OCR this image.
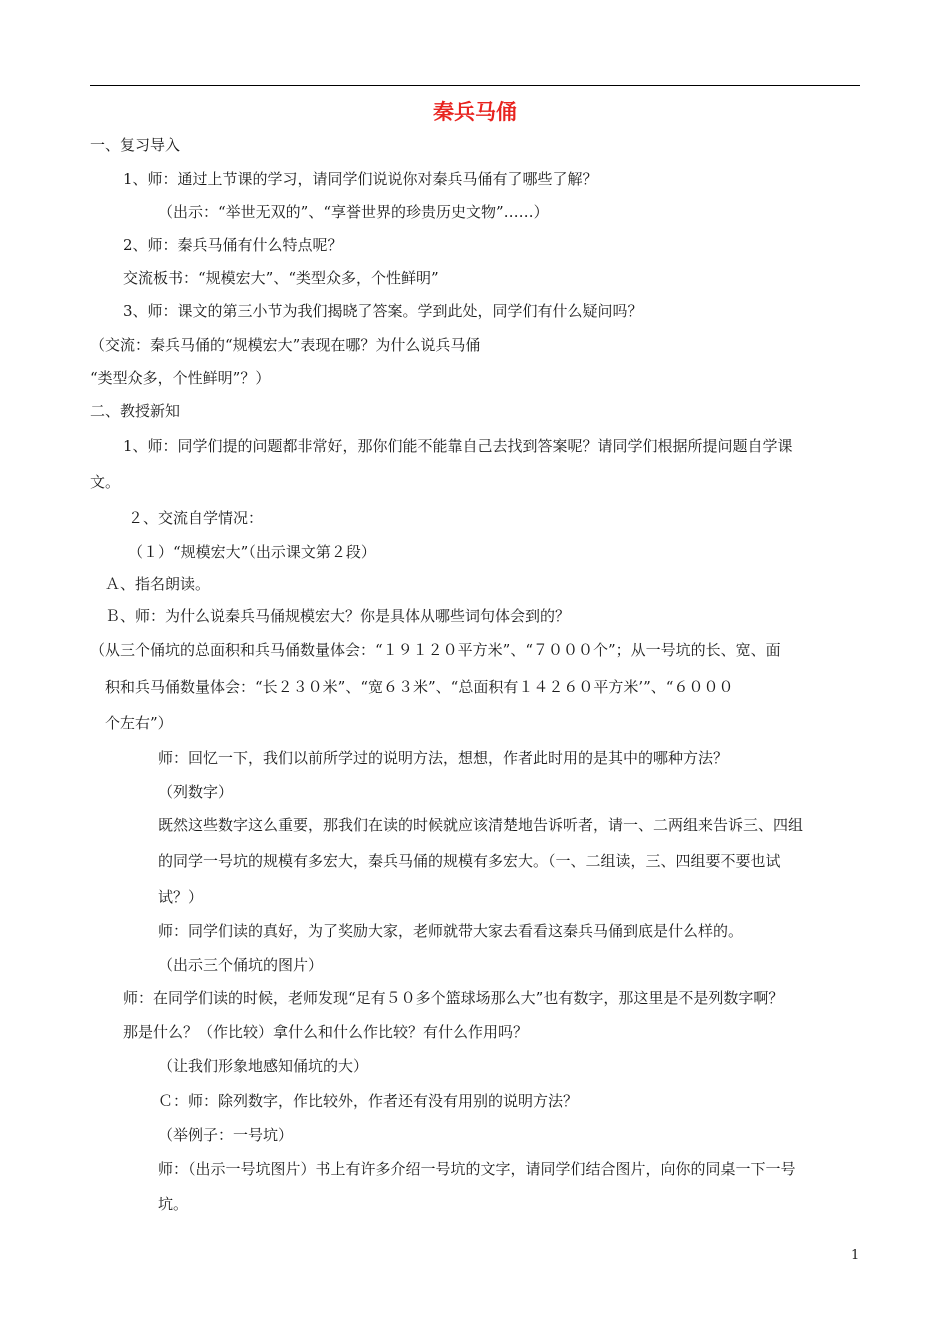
秦兵马俑
一、复习导入
1、师：通过上节课的学习，请同学们说说你对秦兵马俑有了哪些了解？
（出示：“举世无双的”、“享誉世界的珍贵历史文物”……）
2、师：秦兵马俑有什么特点呢？
交流板书：“规模宏大”、“类型众多，个性鲜明”
3、师：课文的第三小节为我们揭晓了答案。学到此处，同学们有什么疑问吗？
（交流：秦兵马俑的“规模宏大”表现在哪？为什么说兵马俑
“类型众多，个性鲜明”？）
二、教授新知
1、师：同学们提的问题都非常好，那你们能不能靠自己去找到答案呢？请同学们根据所提问题自学课
文。
２、交流自学情况：
（１）“规模宏大”（出示课文第２段）
Ａ、指名朗读。
Ｂ、师：为什么说秦兵马俑规模宏大？你是具体从哪些词句体会到的？
（从三个俑坑的总面积和兵马俑数量体会：“１９１２０平方米”、“７０００个”；从一号坑的长、宽、面
积和兵马俑数量体会：“长２３０米”、“宽６３米”、“总面积有１４２６０平方米’”、“６０００
个左右”）
师：回忆一下，我们以前所学过的说明方法，想想，作者此时用的是其中的哪种方法？
（列数字）
既然这些数字这么重要，那我们在读的时候就应该清楚地告诉听者，请一、二两组来告诉三、四组
的同学一号坑的规模有多宏大，秦兵马俑的规模有多宏大。（一、二组读，三、四组要不要也试
试？）
师：同学们读的真好，为了奖励大家，老师就带大家去看看这秦兵马俑到底是什么样的。
（出示三个俑坑的图片）
师：在同学们读的时候，老师发现“足有５０多个篮球场那么大”也有数字，那这里是不是列数字啊？
那是什么？（作比较）拿什么和什么作比较？有什么作用吗？
（让我们形象地感知俑坑的大）
Ｃ：师：除列数字，作比较外，作者还有没有用别的说明方法？
（举例子：一号坑）
师：（出示一号坑图片）书上有许多介绍一号坑的文字，请同学们结合图片，向你的同桌一下一号
坑。
1
